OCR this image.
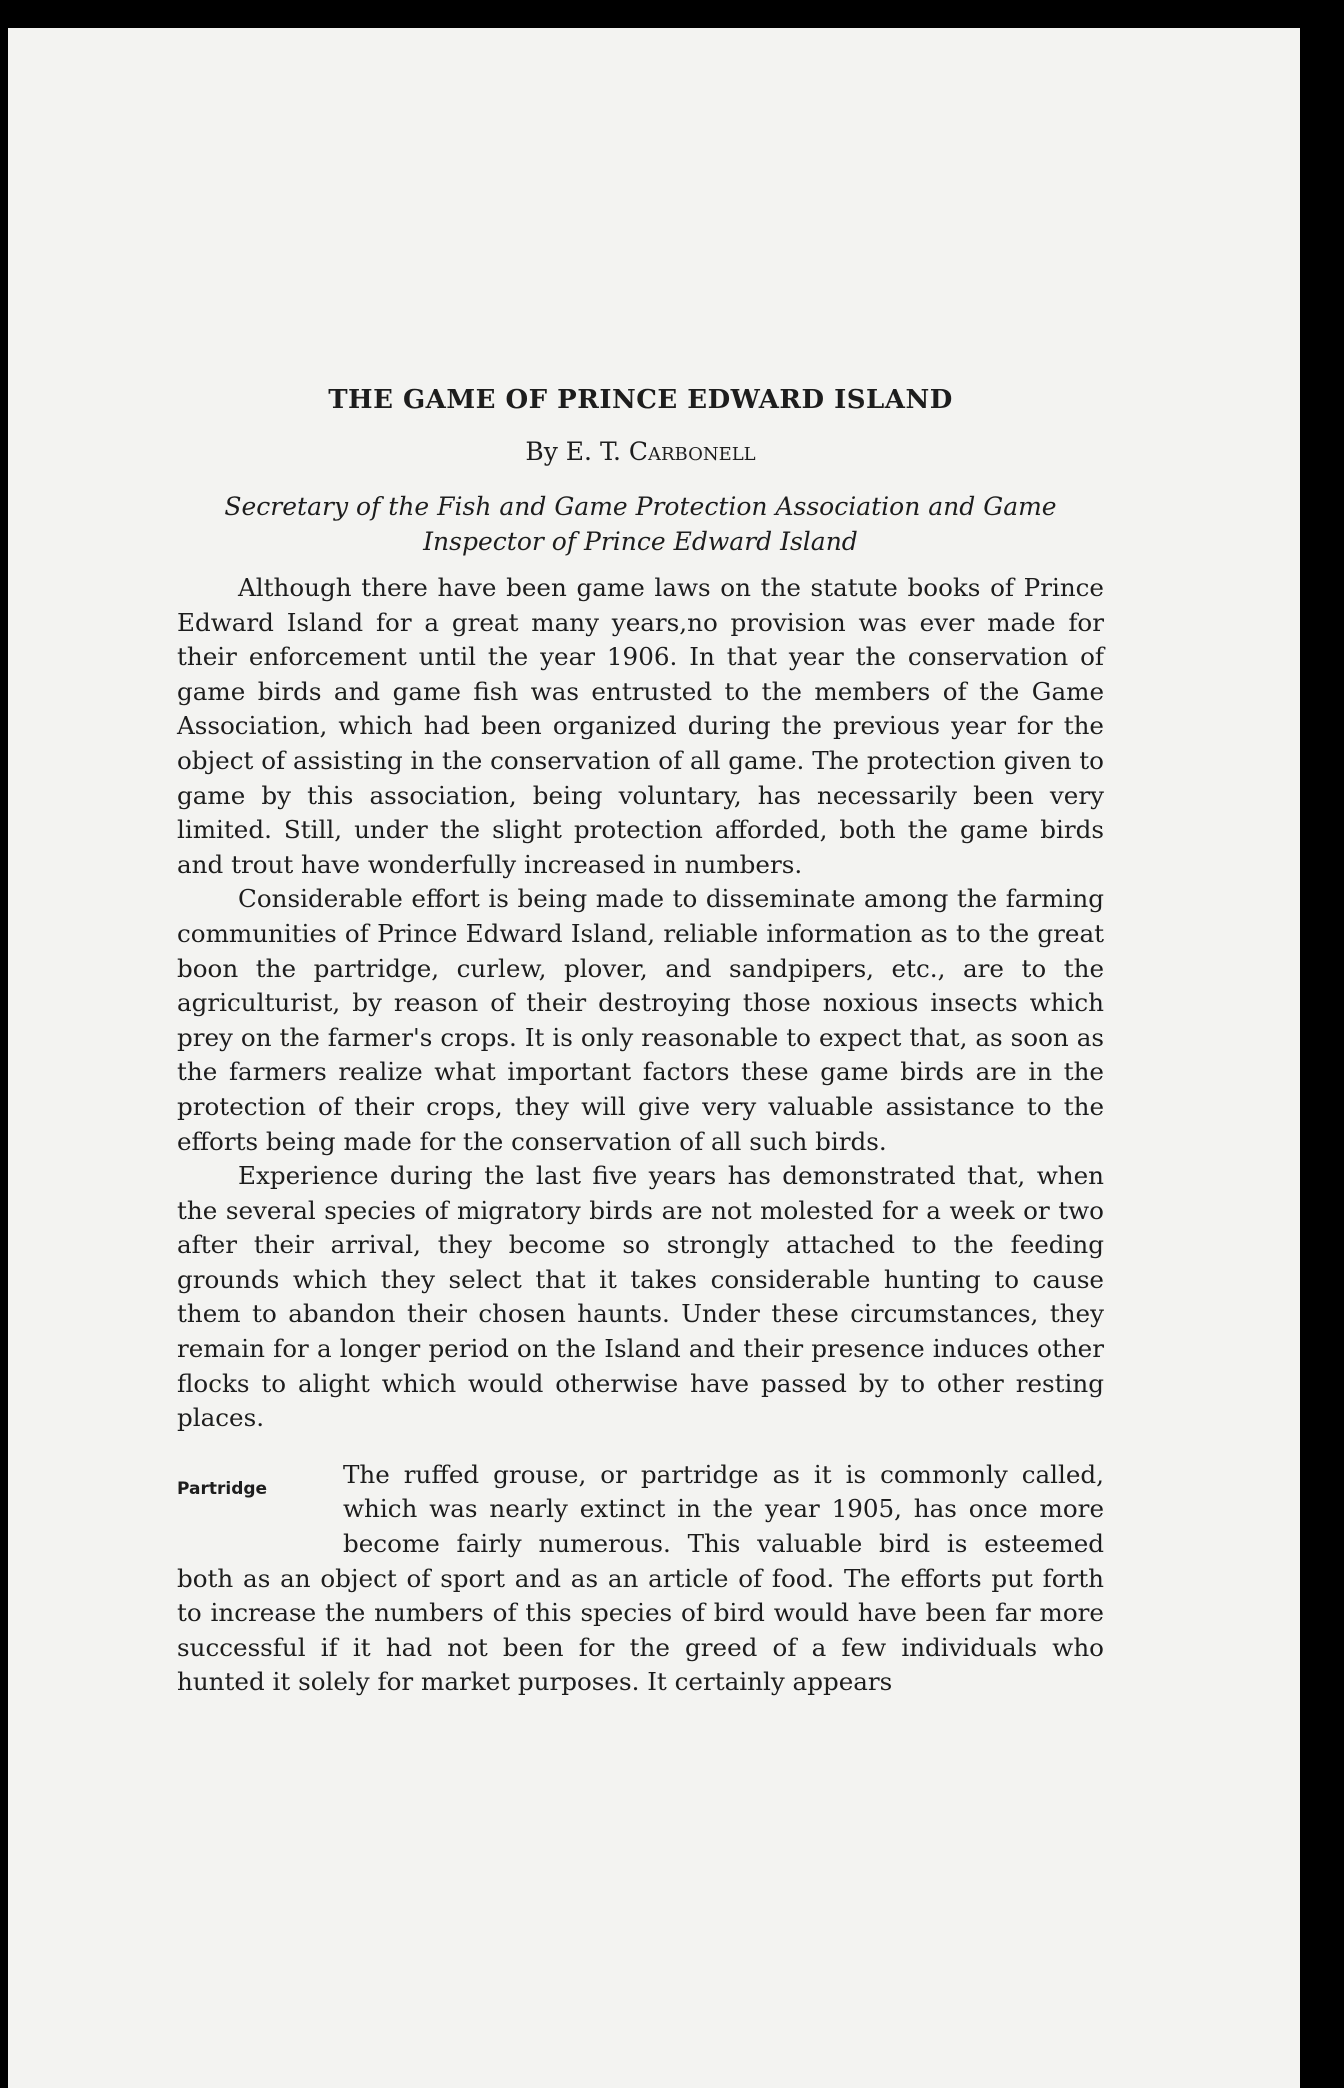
THE GAME OF PRINCE EDWARD ISLAND

By E. T. Carbonell

Secretary of the Fish and Game Protection Association and Game Inspector of Prince Edward Island

Although there have been game laws on the statute books of Prince Edward Island for a great many years,no provision was ever made for their enforcement until the year 1906. In that year the conservation of game birds and game fish was entrusted to the members of the Game Association, which had been organized during the previous year for the object of assisting in the conservation of all game. The protection given to game by this association, being voluntary, has necessarily been very limited. Still, under the slight protection afforded, both the game birds and trout have wonderfully increased in numbers.

Considerable effort is being made to disseminate among the farming communities of Prince Edward Island, reliable information as to the great boon the partridge, curlew, plover, and sandpipers, etc., are to the agriculturist, by reason of their destroying those noxious insects which prey on the farmer's crops. It is only reasonable to expect that, as soon as the farmers realize what important factors these game birds are in the protection of their crops, they will give very valuable assistance to the efforts being made for the conservation of all such birds.

Experience during the last five years has demonstrated that, when the several species of migratory birds are not molested for a week or two after their arrival, they become so strongly attached to the feeding grounds which they select that it takes considerable hunting to cause them to abandon their chosen haunts. Under these circumstances, they remain for a longer period on the Island and their presence induces other flocks to alight which would otherwise have passed by to other resting places.

Partridge	The ruffed grouse, or partridge as it is commonly called, which was nearly extinct in the year 1905, has once more become fairly numerous. This valuable bird is esteemed both as an object of sport and as an article of food. The efforts put forth to increase the numbers of this species of bird would have been far more successful if it had not been for the greed of a few individuals who hunted it solely for market purposes. It certainly appears
